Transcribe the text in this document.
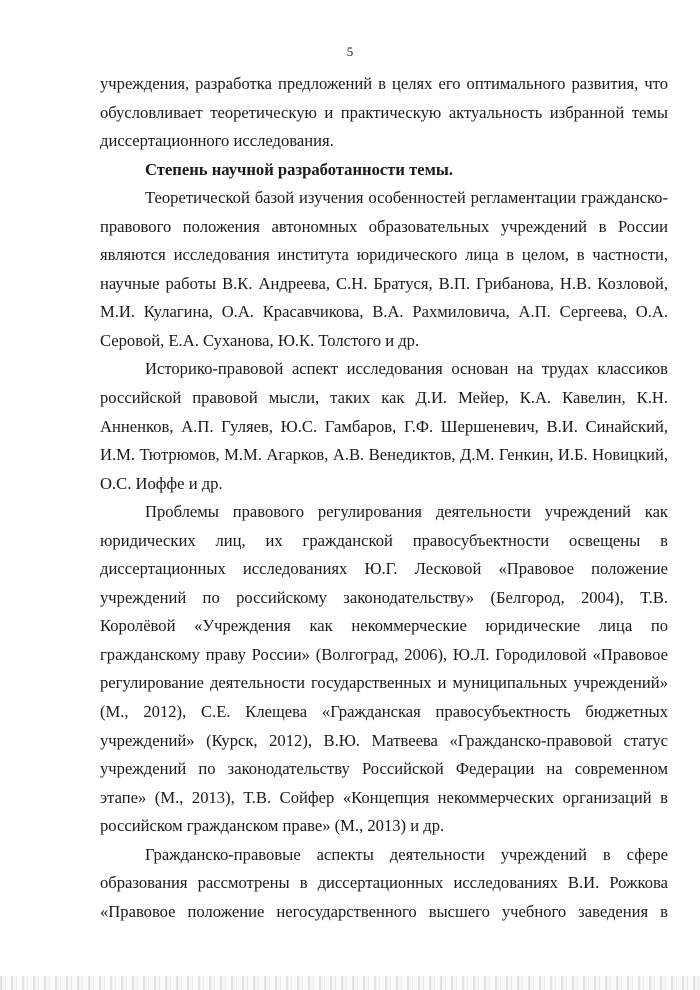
5
учреждения, разработка предложений в целях его оптимального развития, что
обусловливает теоретическую и практическую актуальность избранной темы
диссертационного исследования.
Степень научной разработанности темы.
Теоретической базой изучения особенностей регламентации гражданско-
правового положения автономных образовательных учреждений в России
являются исследования института юридического лица в целом, в частности,
научные работы В.К. Андреева, С.Н. Братуся, В.П. Грибанова, Н.В. Козловой,
М.И. Кулагина, О.А. Красавчикова, В.А. Рахмиловича, А.П. Сергеева, О.А.
Серовой, Е.А. Суханова, Ю.К. Толстого и др.
Историко-правовой аспект исследования основан на трудах классиков
российской правовой мысли, таких как Д.И. Мейер, К.А. Кавелин, К.Н.
Анненков, А.П. Гуляев, Ю.С. Гамбаров, Г.Ф. Шершеневич, В.И. Синайский,
И.М. Тютрюмов, М.М. Агарков, А.В. Венедиктов, Д.М. Генкин, И.Б. Новицкий,
О.С. Иоффе и др.
Проблемы правового регулирования деятельности учреждений как
юридических лиц, их гражданской правосубъектности освещены в
диссертационных исследованиях Ю.Г. Лесковой «Правовое положение
учреждений по российскому законодательству» (Белгород, 2004), Т.В.
Королёвой «Учреждения как некоммерческие юридические лица по
гражданскому праву России» (Волгоград, 2006), Ю.Л. Городиловой «Правовое
регулирование деятельности государственных и муниципальных учреждений»
(М., 2012), С.Е. Клещева «Гражданская правосубъектность бюджетных
учреждений» (Курск, 2012), В.Ю. Матвеева «Гражданско-правовой статус
учреждений по законодательству Российской Федерации на современном
этапе» (М., 2013), Т.В. Сойфер «Концепция некоммерческих организаций в
российском гражданском праве» (М., 2013) и др.
Гражданско-правовые аспекты деятельности учреждений в сфере
образования рассмотрены в диссертационных исследованиях В.И. Рожкова
«Правовое положение негосударственного высшего учебного заведения в
